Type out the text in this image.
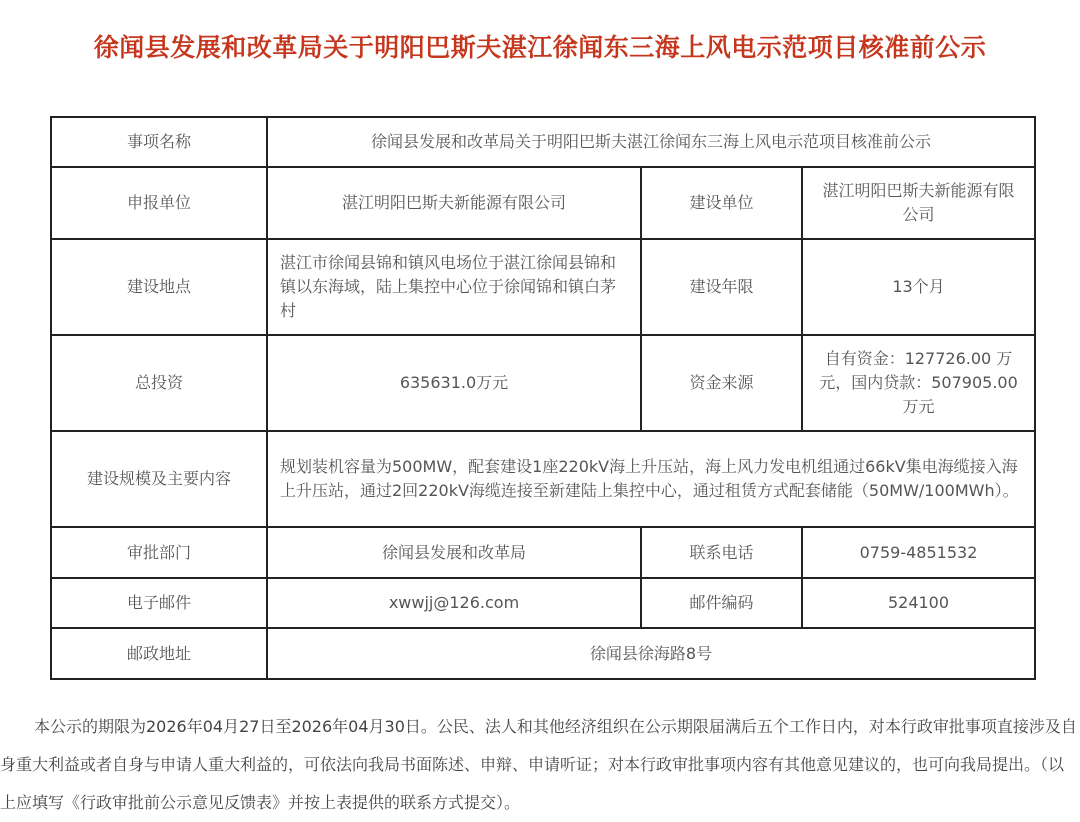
徐闻县发展和改革局关于明阳巴斯夫湛江徐闻东三海上风电示范项目核准前公示
事项名称	徐闻县发展和改革局关于明阳巴斯夫湛江徐闻东三海上风电示范项目核准前公示		
申报单位	湛江明阳巴斯夫新能源有限公司	建设单位	湛江明阳巴斯夫新能源有限公司
建设地点	湛江市徐闻县锦和镇风电场位于湛江徐闻县锦和镇以东海域，陆上集控中心位于徐闻锦和镇白茅村	建设年限	13个月
总投资	635631.0万元	资金来源	自有资金：127726.00 万元，国内贷款：507905.00 万元
建设规模及主要内容	规划装机容量为500MW，配套建设1座220kV海上升压站，海上风力发电机组通过66kV集电海缆接入海上升压站，通过2回220kV海缆连接至新建陆上集控中心，通过租赁方式配套储能（50MW/100MWh）。		
审批部门	徐闻县发展和改革局	联系电话	0759-4851532
电子邮件	xwwjj@126.com	邮件编码	524100
邮政地址	徐闻县徐海路8号		

本公示的期限为2026年04月27日至2026年04月30日。公民、法人和其他经济组织在公示期限届满后五个工作日内，对本行政审批事项直接涉及自身重大利益或者自身与申请人重大利益的，可依法向我局书面陈述、申辩、申请听证；对本行政审批事项内容有其他意见建议的，也可向我局提出。（以上应填写《行政审批前公示意见反馈表》并按上表提供的联系方式提交）。
